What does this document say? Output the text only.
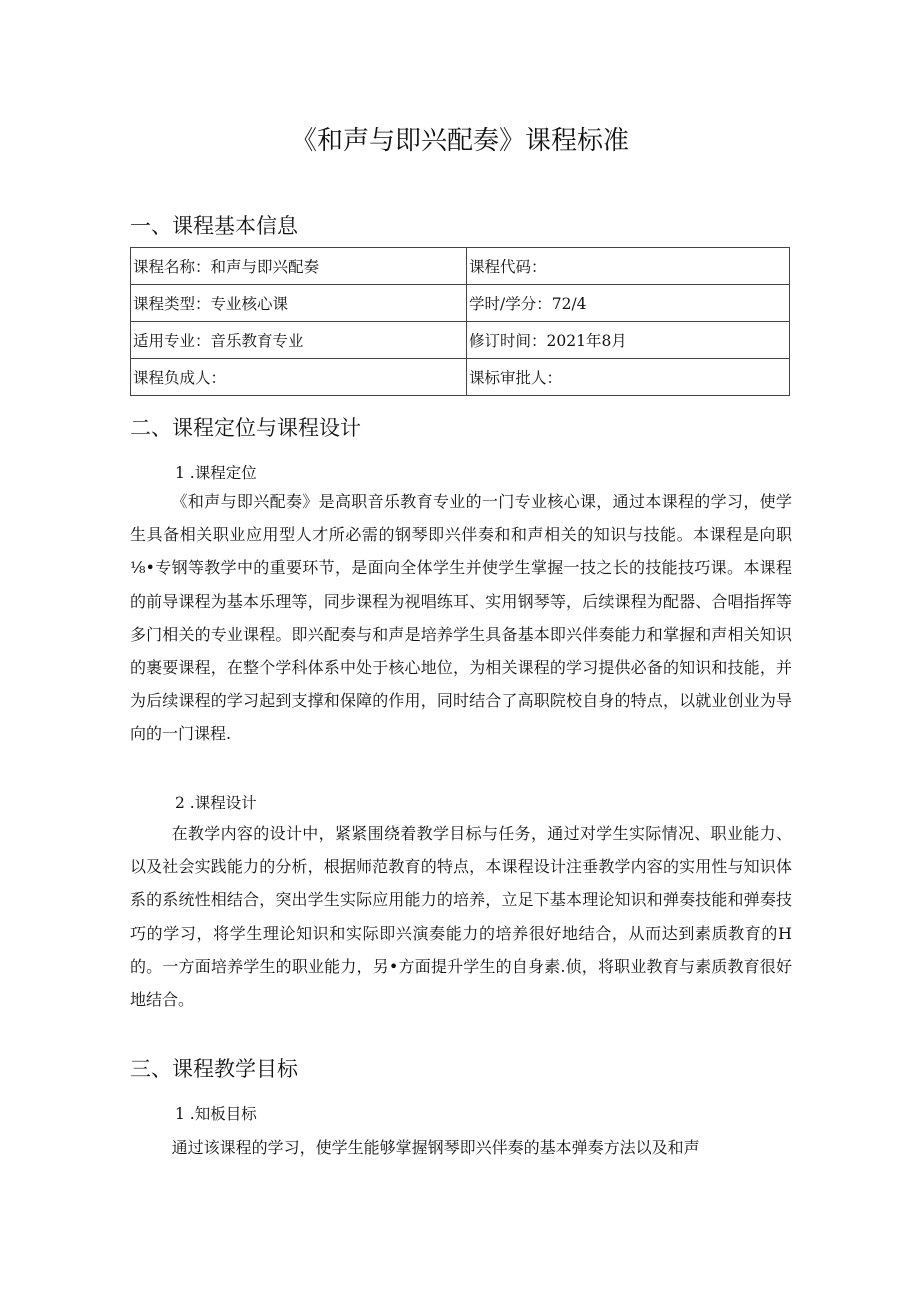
《和声与即兴配奏》课程标准
一、课程基本信息
课程名称：和声与即兴配奏	课程代码：
课程类型：专业核心课	学时/学分：72/4
适用专业：音乐教育专业	修订时间：2021年8月
课程负成人：	课标审批人：
二、课程定位与课程设计
1 .课程定位
《和声与即兴配奏》是高职音乐教育专业的一门专业核心课，通过本课程的学习，使学生具备相关职业应用型人才所必需的钢琴即兴伴奏和和声相关的知识与技能。本课程是向职⅛•专钢等教学中的重要环节，是面向全体学生并使学生掌握一技之长的技能技巧课。本课程的前导课程为基本乐理等，同步课程为视唱练耳、实用钢琴等，后续课程为配器、合唱指挥等多门相关的专业课程。即兴配奏与和声是培养学生具备基本即兴伴奏能力和掌握和声相关知识的裹要课程，在整个学科体系中处于核心地位，为相关课程的学习提供必备的知识和技能，并为后续课程的学习起到支撑和保障的作用，同时结合了高职院校自身的特点，以就业创业为导向的一门课程.
2 .课程设计
在教学内容的设计中，紧紧围绕着教学目标与任务，通过对学生实际情况、职业能力、以及社会实践能力的分析，根据师范教育的特点，本课程设计注垂教学内容的实用性与知识体系的系统性相结合，突出学生实际应用能力的培养，立足下基本理论知识和弹奏技能和弹奏技巧的学习，将学生理论知识和实际即兴演奏能力的培养很好地结合，从而达到素质教育的H的。一方面培养学生的职业能力，另•方面提升学生的自身素.侦，将职业教育与素质教育很好地结合。
三、课程教学目标
1 .知板目标
通过该课程的学习，使学生能够掌握钢琴即兴伴奏的基本弹奏方法以及和声
